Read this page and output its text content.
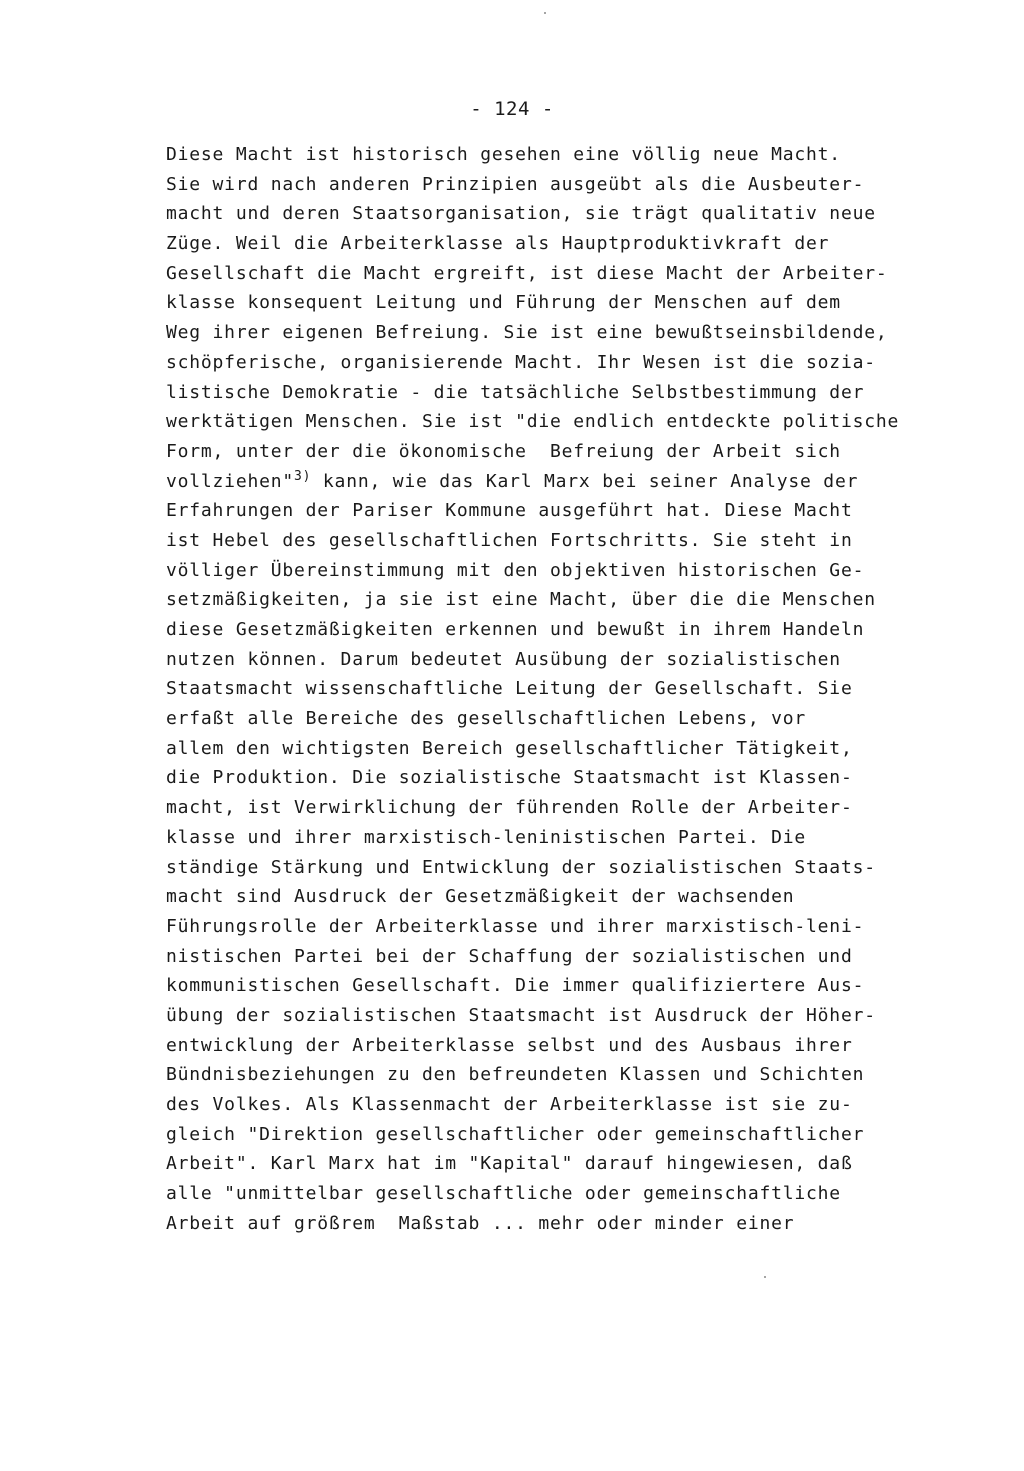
- 124 -
Diese Macht ist historisch gesehen eine völlig neue Macht.
Sie wird nach anderen Prinzipien ausgeübt als die Ausbeuter-
macht und deren Staatsorganisation, sie trägt qualitativ neue
Züge. Weil die Arbeiterklasse als Hauptproduktivkraft der
Gesellschaft die Macht ergreift, ist diese Macht der Arbeiter-
klasse konsequent Leitung und Führung der Menschen auf dem
Weg ihrer eigenen Befreiung. Sie ist eine bewußtseinsbildende,
schöpferische, organisierende Macht. Ihr Wesen ist die sozia-
listische Demokratie - die tatsächliche Selbstbestimmung der
werktätigen Menschen. Sie ist "die endlich entdeckte politische
Form, unter der die ökonomische  Befreiung der Arbeit sich
vollziehen"$^{3)}$ kann, wie das Karl Marx bei seiner Analyse der
Erfahrungen der Pariser Kommune ausgeführt hat. Diese Macht
ist Hebel des gesellschaftlichen Fortschritts. Sie steht in
völliger Übereinstimmung mit den objektiven historischen Ge-
setzmäßigkeiten, ja sie ist eine Macht, über die die Menschen
diese Gesetzmäßigkeiten erkennen und bewußt in ihrem Handeln
nutzen können. Darum bedeutet Ausübung der sozialistischen
Staatsmacht wissenschaftliche Leitung der Gesellschaft. Sie
erfaßt alle Bereiche des gesellschaftlichen Lebens, vor
allem den wichtigsten Bereich gesellschaftlicher Tätigkeit,
die Produktion. Die sozialistische Staatsmacht ist Klassen-
macht, ist Verwirklichung der führenden Rolle der Arbeiter-
klasse und ihrer marxistisch-leninistischen Partei. Die
ständige Stärkung und Entwicklung der sozialistischen Staats-
macht sind Ausdruck der Gesetzmäßigkeit der wachsenden
Führungsrolle der Arbeiterklasse und ihrer marxistisch-leni-
nistischen Partei bei der Schaffung der sozialistischen und
kommunistischen Gesellschaft. Die immer qualifiziertere Aus-
übung der sozialistischen Staatsmacht ist Ausdruck der Höher-
entwicklung der Arbeiterklasse selbst und des Ausbaus ihrer
Bündnisbeziehungen zu den befreundeten Klassen und Schichten
des Volkes. Als Klassenmacht der Arbeiterklasse ist sie zu-
gleich "Direktion gesellschaftlicher oder gemeinschaftlicher
Arbeit". Karl Marx hat im "Kapital" darauf hingewiesen, daß
alle "unmittelbar gesellschaftliche oder gemeinschaftliche
Arbeit auf größrem  Maßstab ... mehr oder minder einer
